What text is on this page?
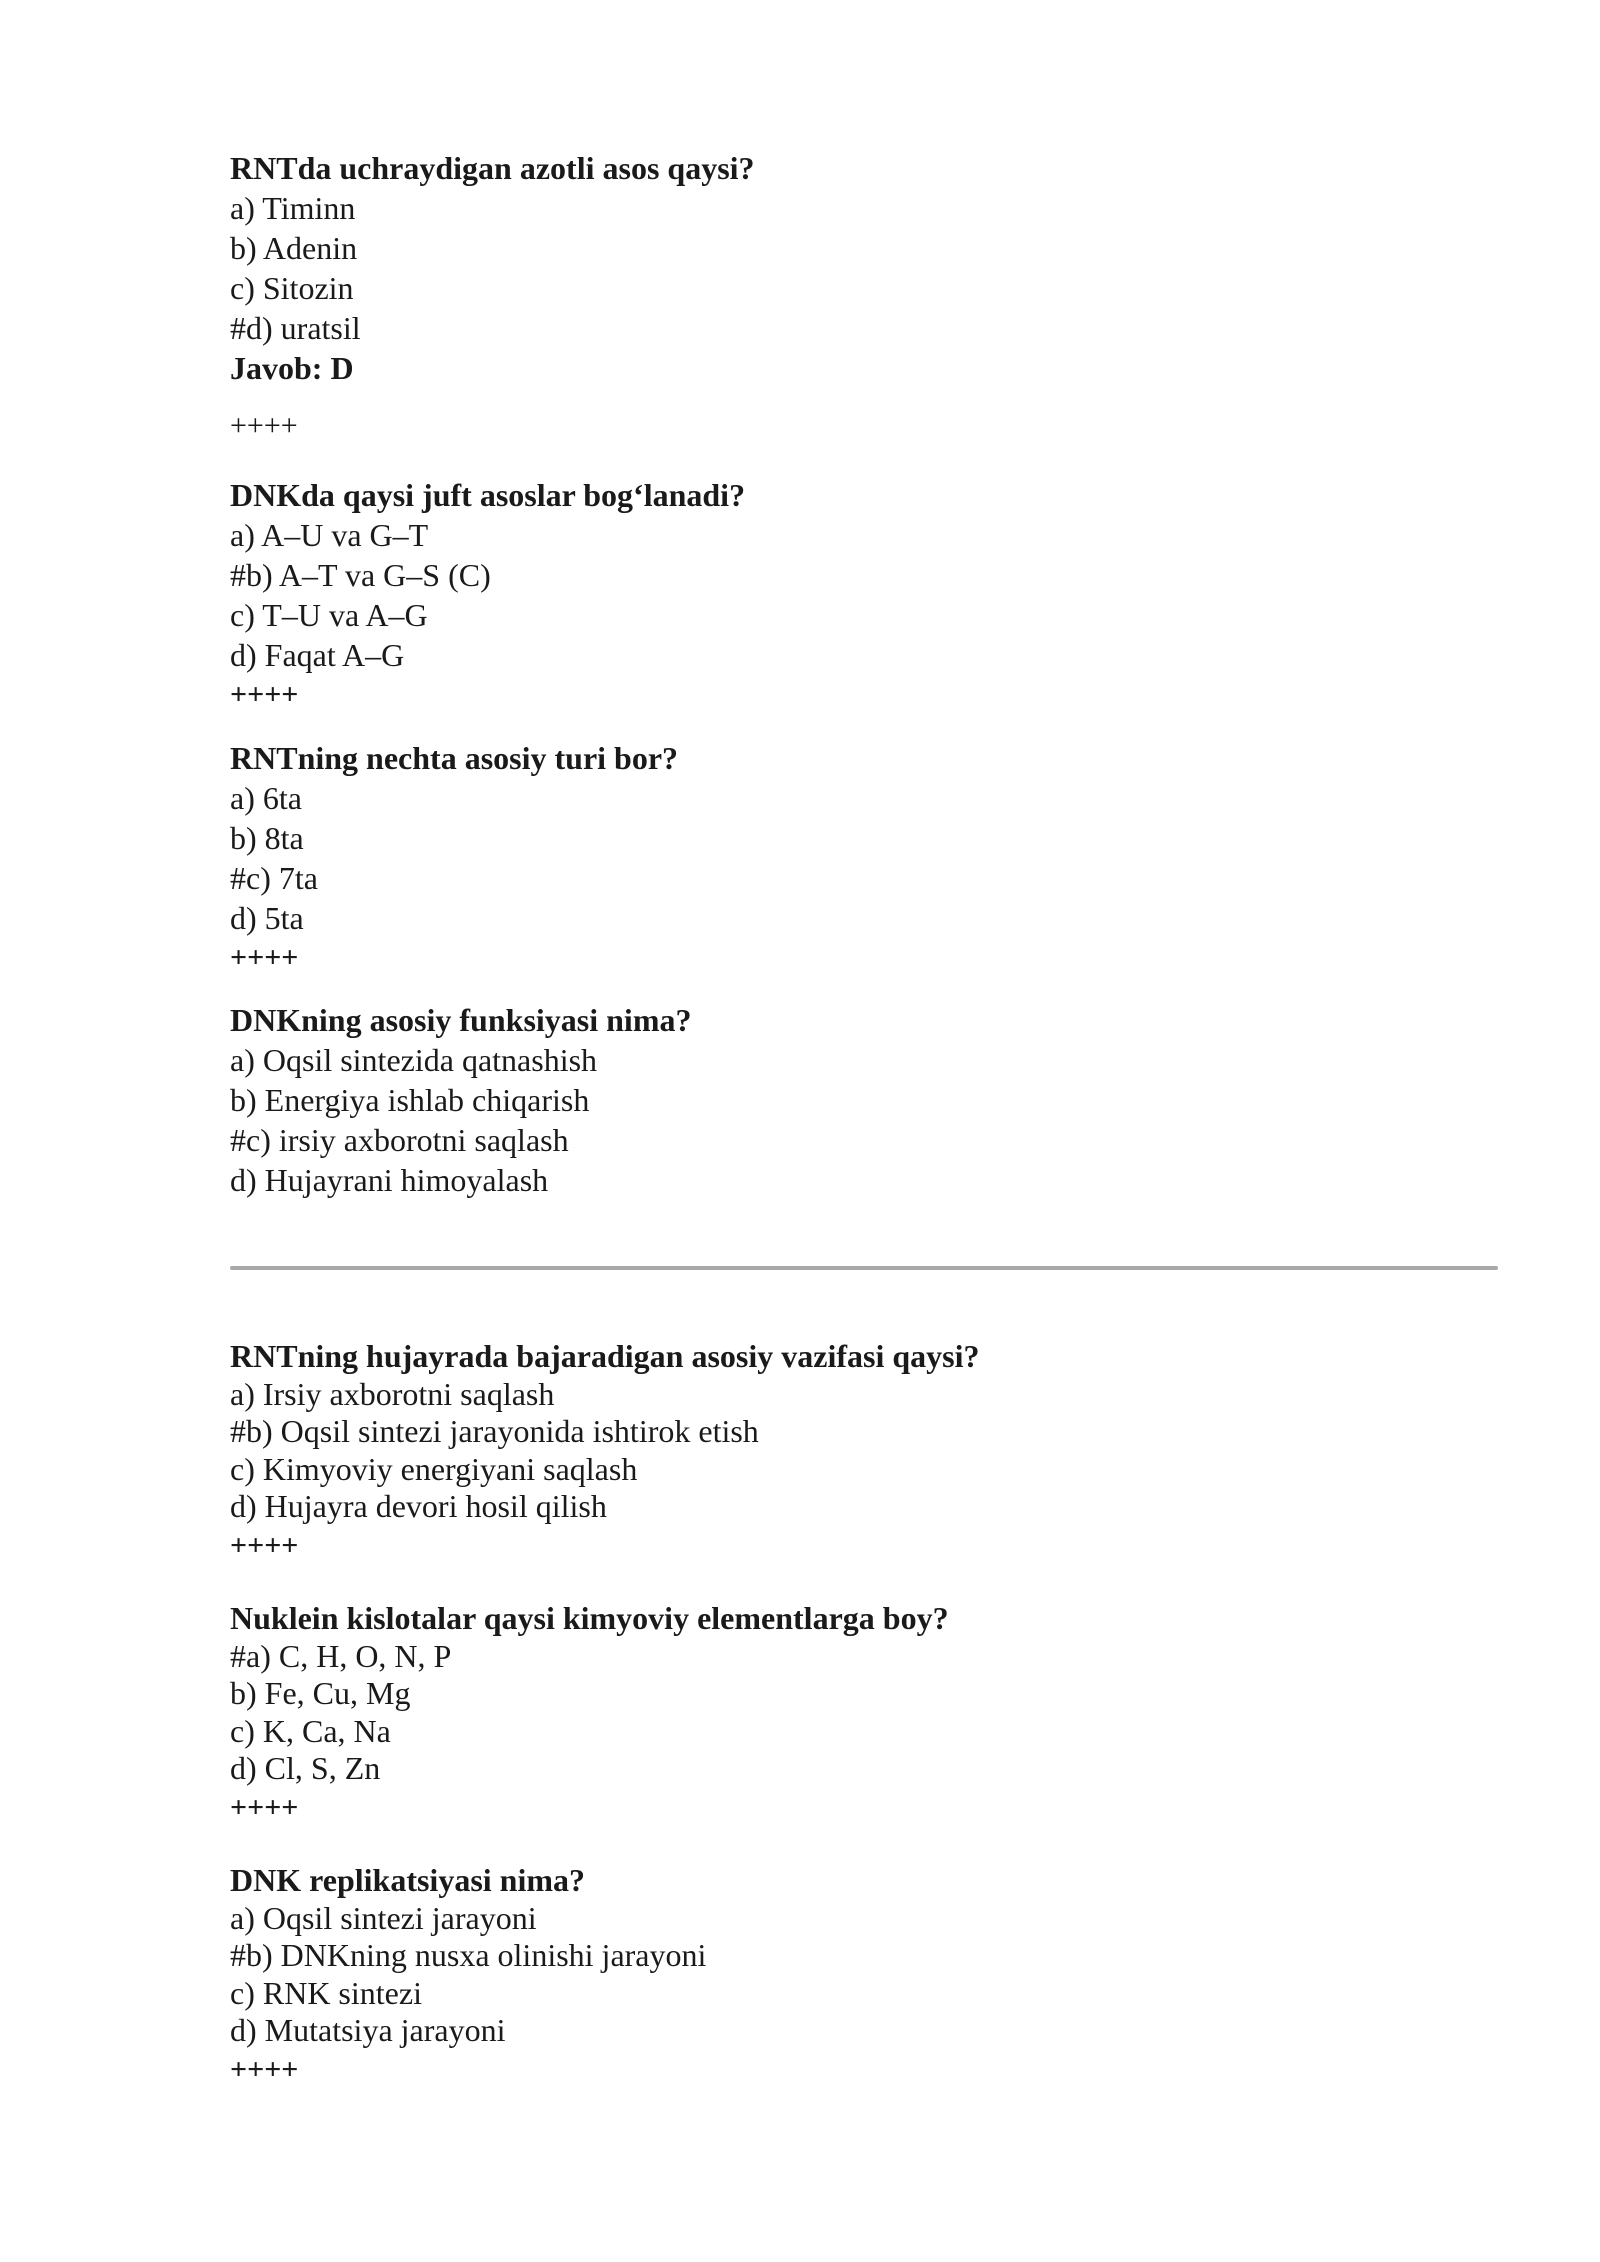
RNTda uchraydigan azotli asos qaysi?
a) Timinn
b) Adenin
c) Sitozin
#d) uratsil
Javob: D
++++
DNKda qaysi juft asoslar bog‘lanadi?
a) A–U va G–T
#b) A–T va G–S (C)
c) T–U va A–G
d) Faqat A–G
++++
RNTning nechta asosiy turi bor?
a) 6ta
b) 8ta
#c) 7ta
d) 5ta
++++
DNKning asosiy funksiyasi nima?
a) Oqsil sintezida qatnashish
b) Energiya ishlab chiqarish
#c) irsiy axborotni saqlash
d) Hujayrani himoyalash
RNTning hujayrada bajaradigan asosiy vazifasi qaysi?
a) Irsiy axborotni saqlash
#b) Oqsil sintezi jarayonida ishtirok etish
c) Kimyoviy energiyani saqlash
d) Hujayra devori hosil qilish
++++
Nuklein kislotalar qaysi kimyoviy elementlarga boy?
#a) C, H, O, N, P
b) Fe, Cu, Mg
c) K, Ca, Na
d) Cl, S, Zn
++++
DNK replikatsiyasi nima?
a) Oqsil sintezi jarayoni
#b) DNKning nusxa olinishi jarayoni
c) RNK sintezi
d) Mutatsiya jarayoni
++++
